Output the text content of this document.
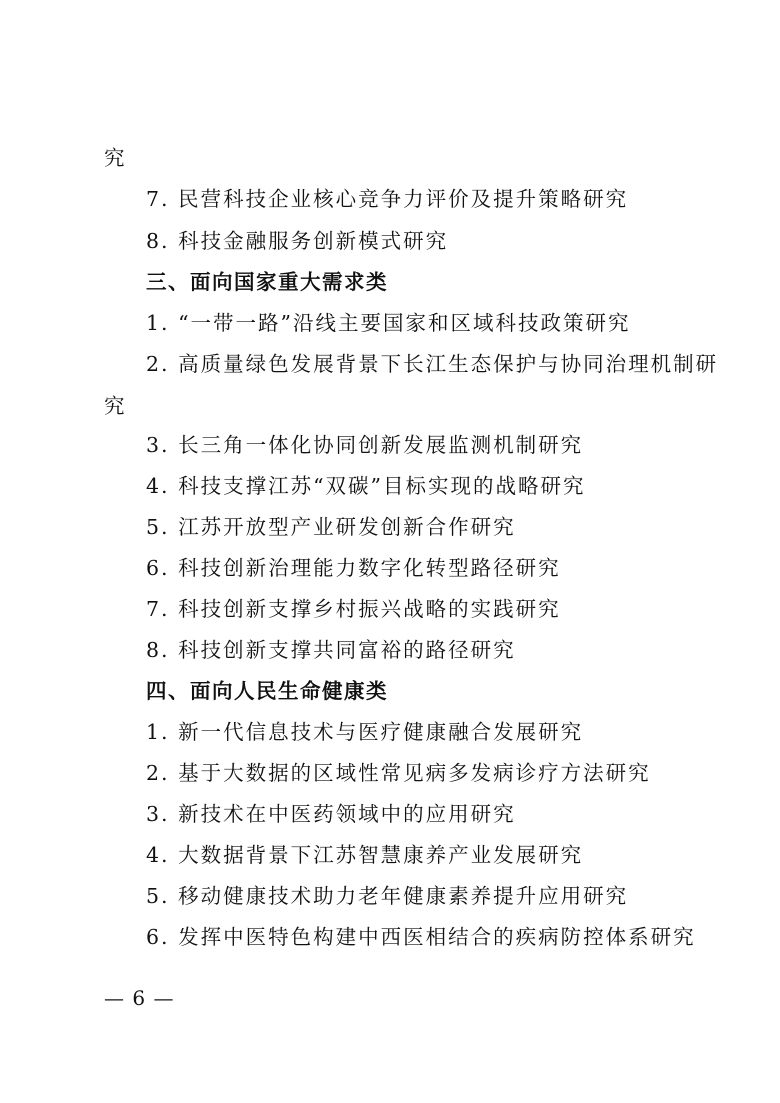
究
7. 民营科技企业核心竞争力评价及提升策略研究
8. 科技金融服务创新模式研究
三、面向国家重大需求类
1. “一带一路”沿线主要国家和区域科技政策研究
2. 高质量绿色发展背景下长江生态保护与协同治理机制研
究
3. 长三角一体化协同创新发展监测机制研究
4. 科技支撑江苏“双碳”目标实现的战略研究
5. 江苏开放型产业研发创新合作研究
6. 科技创新治理能力数字化转型路径研究
7. 科技创新支撑乡村振兴战略的实践研究
8. 科技创新支撑共同富裕的路径研究
四、面向人民生命健康类
1. 新一代信息技术与医疗健康融合发展研究
2. 基于大数据的区域性常见病多发病诊疗方法研究
3. 新技术在中医药领域中的应用研究
4. 大数据背景下江苏智慧康养产业发展研究
5. 移动健康技术助力老年健康素养提升应用研究
6. 发挥中医特色构建中西医相结合的疾病防控体系研究
— 6 —
